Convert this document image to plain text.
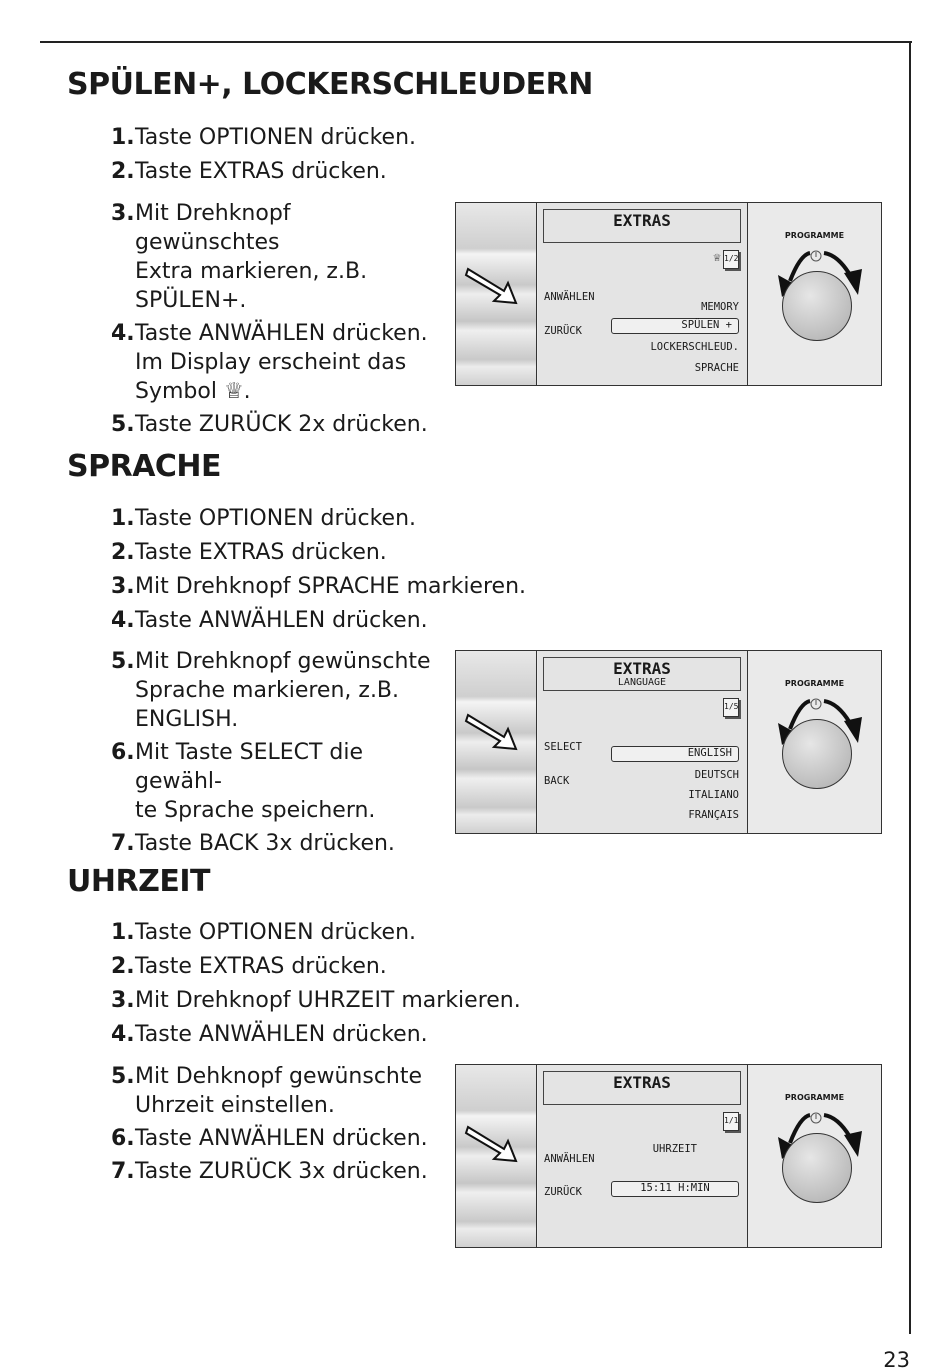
23
SPÜLEN+, LOCKERSCHLEUDERN
1. Taste OPTIONEN drücken.
2. Taste EXTRAS drücken.
3. Mit Drehknopf gewünschtes
Extra markieren, z.B.
SPÜLEN+.
4. Taste ANWÄHLEN drücken.
Im Display erscheint das
Symbol ♕.
5. Taste ZURÜCK 2x drücken.
EXTRAS
♕ 1/2
ANWÄHLEN
ZURÜCK
MEMORY
SPÜLEN +
LOCKERSCHLEUD.
SPRACHE
PROGRAMME
SPRACHE
1. Taste OPTIONEN drücken.
2. Taste EXTRAS drücken.
3. Mit Drehknopf SPRACHE markieren.
4. Taste ANWÄHLEN drücken.
5. Mit Drehknopf gewünschte
Sprache markieren, z.B.
ENGLISH.
6. Mit Taste SELECT die gewähl-
te Sprache speichern.
7. Taste BACK 3x drücken.
EXTRAS
LANGUAGE
1/5
SELECT
BACK
ENGLISH
DEUTSCH
ITALIANO
FRANÇAIS
PROGRAMME
UHRZEIT
1. Taste OPTIONEN drücken.
2. Taste EXTRAS drücken.
3. Mit Drehknopf UHRZEIT markieren.
4. Taste ANWÄHLEN drücken.
5. Mit Dehknopf gewünschte
Uhrzeit einstellen.
6. Taste ANWÄHLEN drücken.
7. Taste ZURÜCK 3x drücken.
EXTRAS
1/1
ANWÄHLEN
ZURÜCK
UHRZEIT
15:11 H:MIN
PROGRAMME
